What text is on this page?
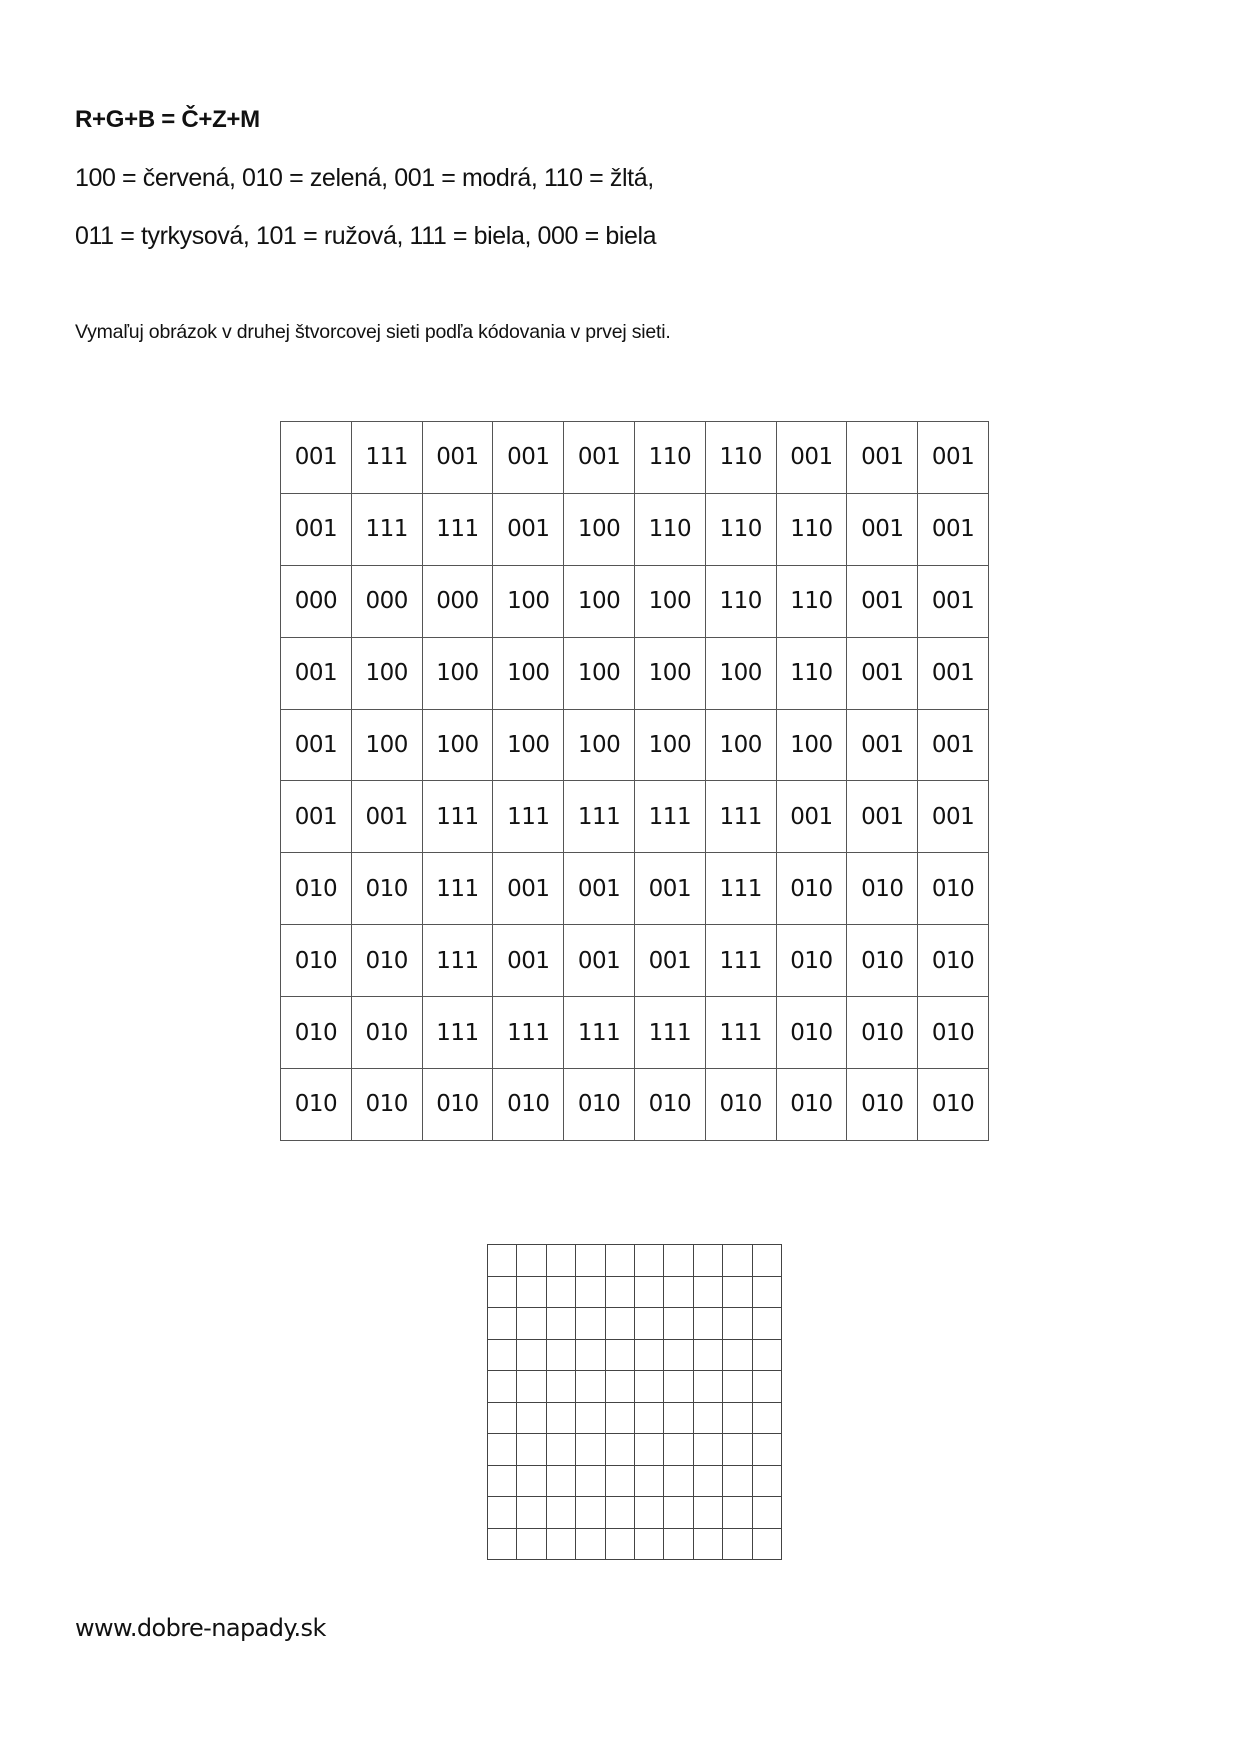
R+G+B = Č+Z+M

100 = červená, 010 = zelená, 001 = modrá, 110 = žltá,

011 = tyrkysová, 101 = ružová, 111 = biela, 000 = biela

Vymaľuj obrázok v druhej štvorcovej sieti podľa kódovania v prvej sieti.

001	111	001	001	001	110	110	001	001	001
001	111	111	001	100	110	110	110	001	001
000	000	000	100	100	100	110	110	001	001
001	100	100	100	100	100	100	110	001	001
001	100	100	100	100	100	100	100	001	001
001	001	111	111	111	111	111	001	001	001
010	010	111	001	001	001	111	010	010	010
010	010	111	001	001	001	111	010	010	010
010	010	111	111	111	111	111	010	010	010
010	010	010	010	010	010	010	010	010	010

www.dobre-napady.sk
